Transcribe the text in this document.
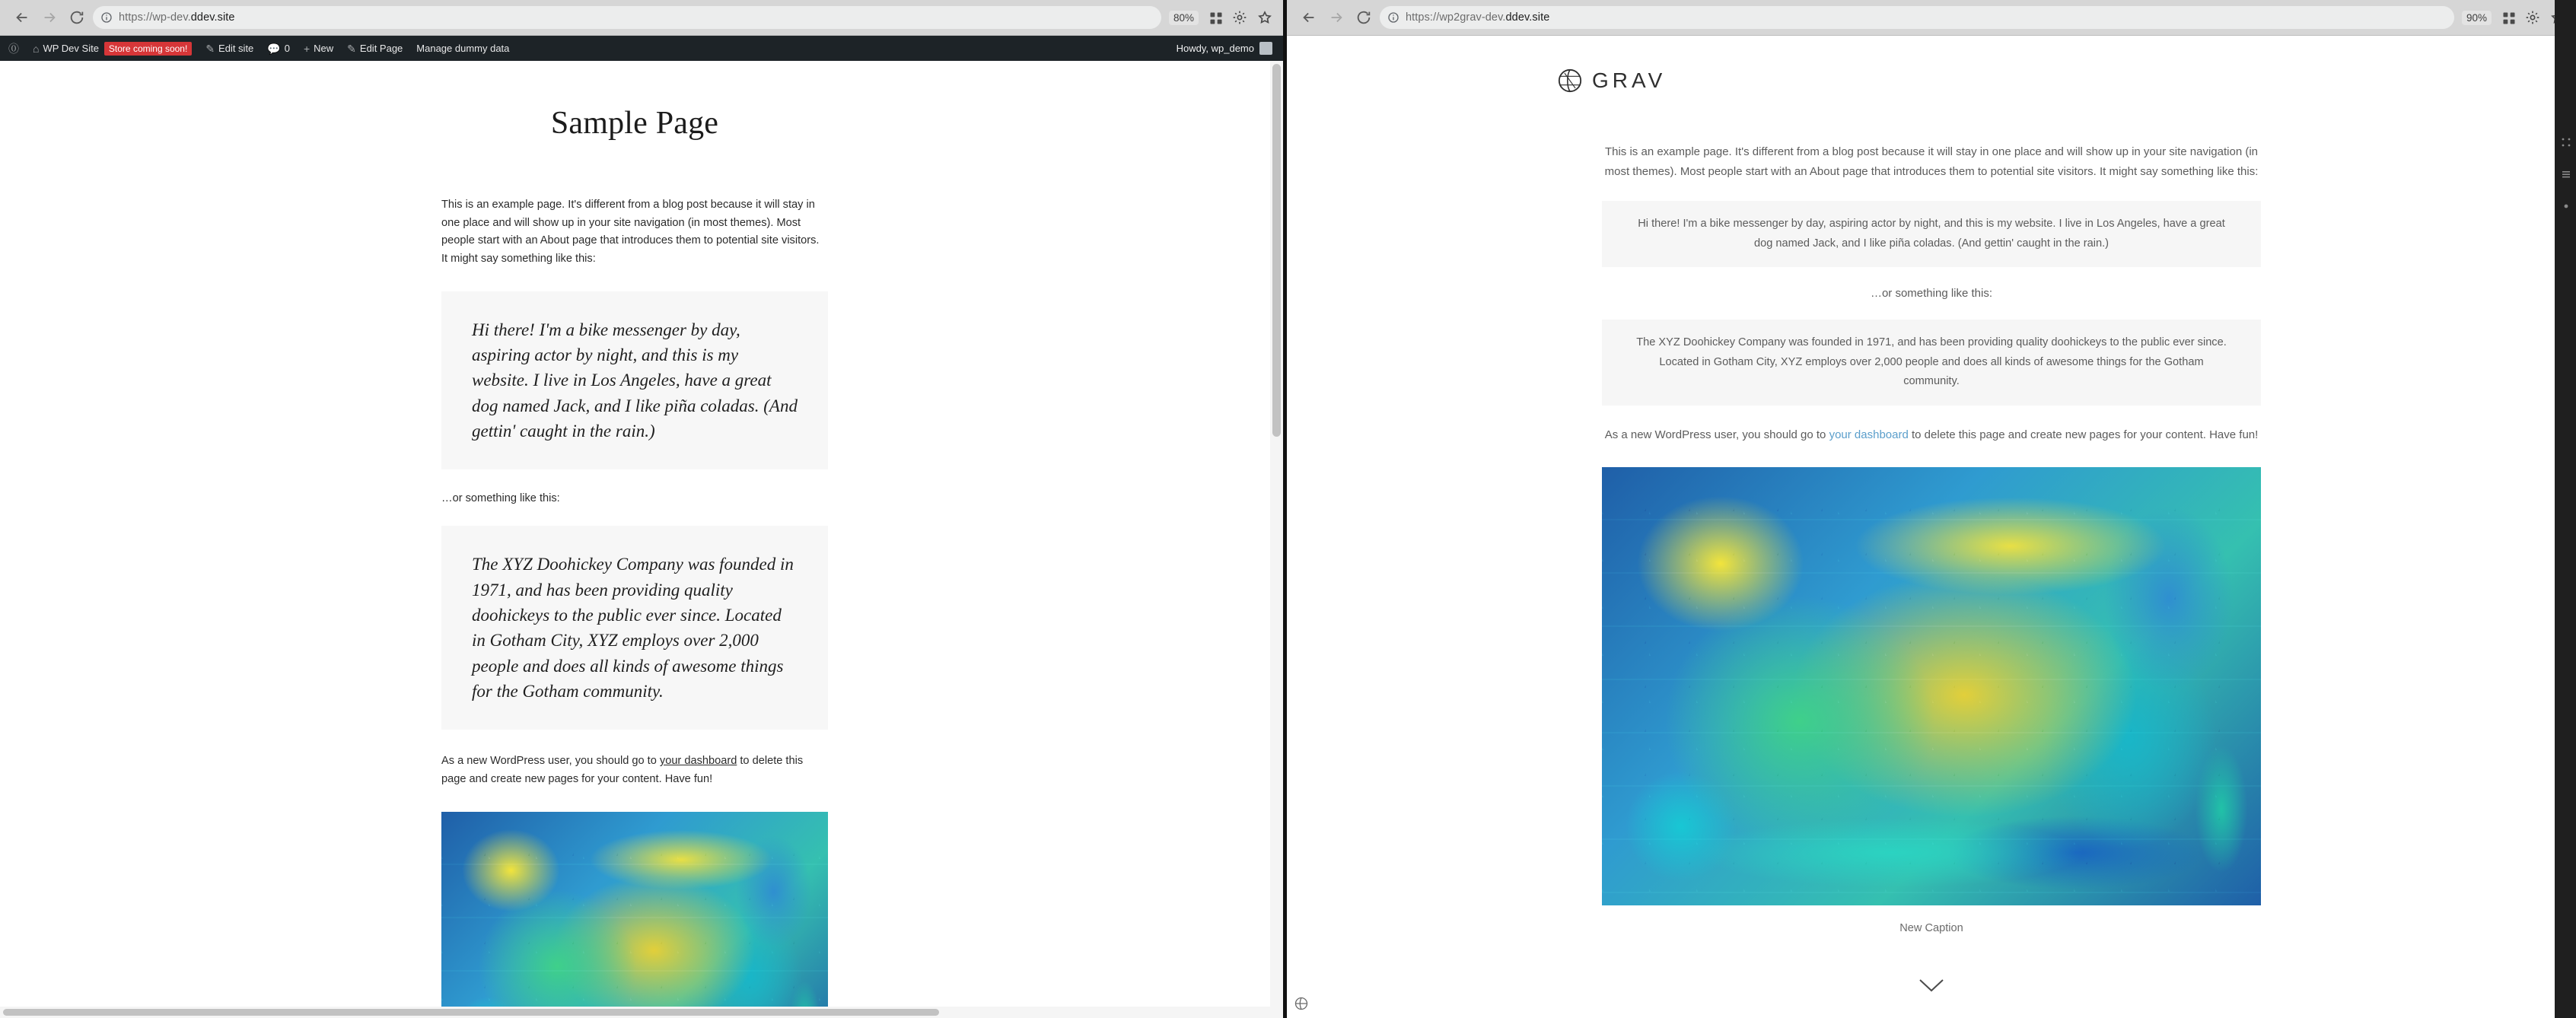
https://wp-dev.ddev.site	80%
⓪ ⌂ WP Dev Site	Store coming soon!	✎ Edit site 💬 0 + New ✎ Edit Page Manage dummy data	Howdy, wp_demo
Sample Page

This is an example page. It's different from a blog post because it will stay in one place and will show up in your site navigation (in most themes). Most people start with an About page that introduces them to potential site visitors. It might say something like this:

Hi there! I'm a bike messenger by day, aspiring actor by night, and this is my website. I live in Los Angeles, have a great dog named Jack, and I like piña coladas. (And gettin' caught in the rain.)

…or something like this:

The XYZ Doohickey Company was founded in 1971, and has been providing quality doohickeys to the public ever since. Located in Gotham City, XYZ employs over 2,000 people and does all kinds of awesome things for the Gotham community.

As a new WordPress user, you should go to your dashboard to delete this page and create new pages for your content. Have fun!

https://wp2grav-dev.ddev.site	90%
GRAV

This is an example page. It's different from a blog post because it will stay in one place and will show up in your site navigation (in most themes). Most people start with an About page that introduces them to potential site visitors. It might say something like this:

Hi there! I'm a bike messenger by day, aspiring actor by night, and this is my website. I live in Los Angeles, have a great dog named Jack, and I like piña coladas. (And gettin' caught in the rain.)

…or something like this:

The XYZ Doohickey Company was founded in 1971, and has been providing quality doohickeys to the public ever since. Located in Gotham City, XYZ employs over 2,000 people and does all kinds of awesome things for the Gotham community.

As a new WordPress user, you should go to your dashboard to delete this page and create new pages for your content. Have fun!

New Caption
